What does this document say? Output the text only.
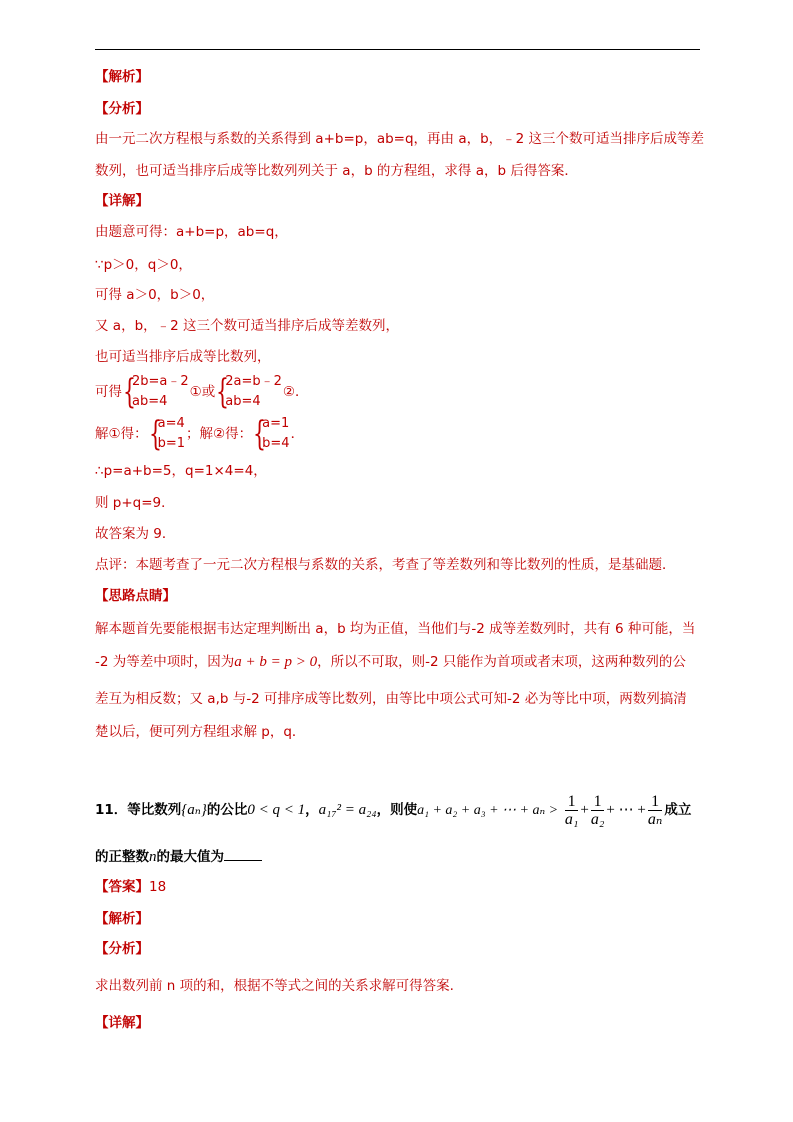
【解析】
【分析】
由一元二次方程根与系数的关系得到 a+b=p，ab=q，再由 a，b，﹣2 这三个数可适当排序后成等差
数列，也可适当排序后成等比数列列关于 a，b 的方程组，求得 a，b 后得答案．
【详解】
由题意可得：a+b=p，ab=q，
∵p＞0，q＞0，
可得 a＞0，b＞0，
又 a，b，﹣2 这三个数可适当排序后成等差数列，
也可适当排序后成等比数列，
可得 {
2b=a﹣2
ab=4
①或 {
2a=b﹣2
ab=4
②．
解①得： {
a=4
b=1
；解②得： {
a=1
b=4
．
∴p=a+b=5，q=1×4=4，
则 p+q=9．
故答案为 9．
点评：本题考查了一元二次方程根与系数的关系，考查了等差数列和等比数列的性质，是基础题．
【思路点睛】
解本题首先要能根据韦达定理判断出 a，b 均为正值，当他们与-2 成等差数列时，共有 6 种可能，当
-2 为等差中项时，因为a + b = p > 0，所以不可取，则-2 只能作为首项或者末项，这两种数列的公
差互为相反数；又 a,b 与-2 可排序成等比数列，由等比中项公式可知-2 必为等比中项，两数列搞清
楚以后，便可列方程组求解 p，q．
11．等比数列{aₙ}的公比0 < q < 1，a₁₇² = a₂₄，则使a₁ + a₂ + a₃ + ⋯ + $a_n > \frac{1}{\text{a₁}} + \frac{1}{\text{a₂}}$ + ⋯ + $\frac{1}{\text{aₙ}}$ 成立
的正整数n的最大值为
【答案】18
【解析】
【分析】
求出数列前 n 项的和，根据不等式之间的关系求解可得答案.
【详解】
